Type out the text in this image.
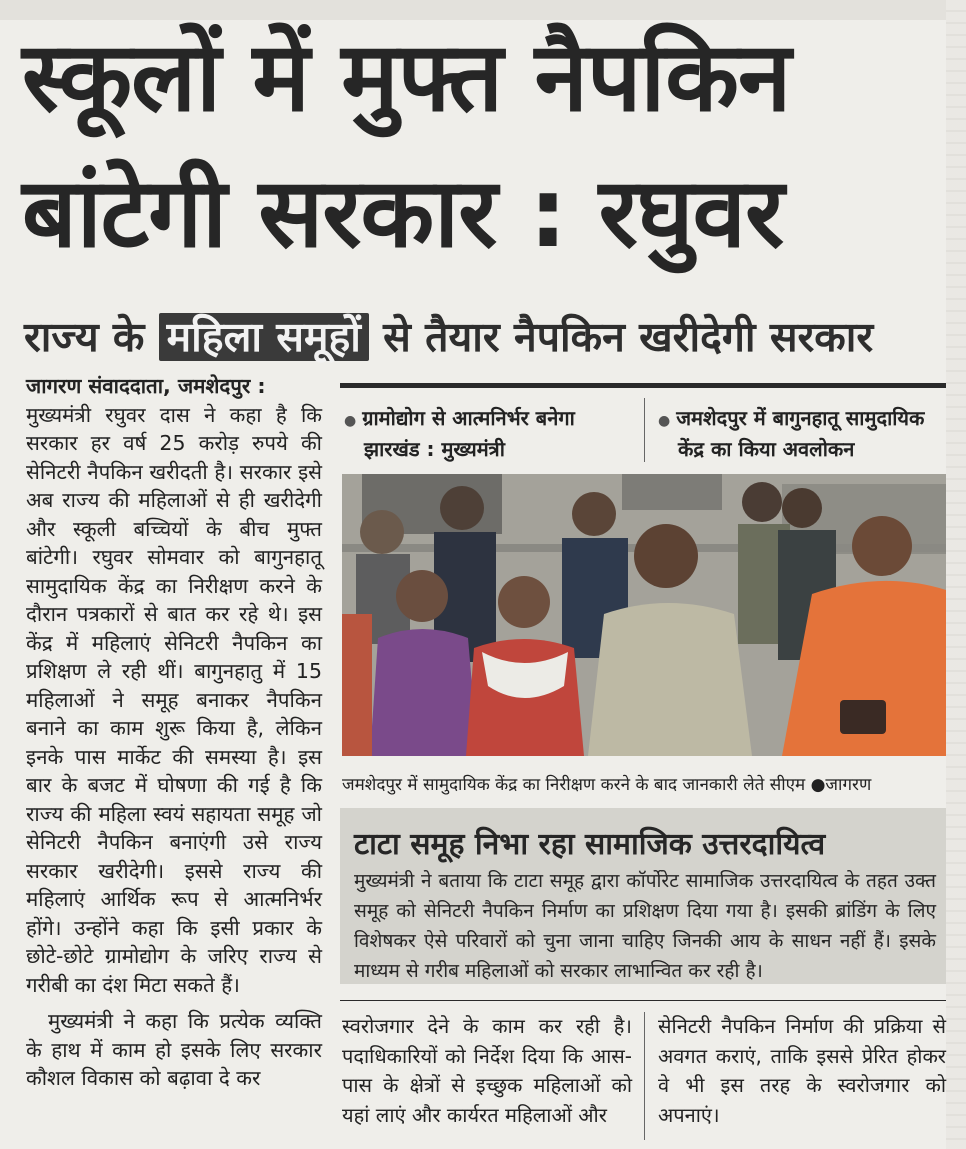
स्कूलों में मुफ्त नैपकिन
बांटेगी सरकार : रघुवर
राज्य के महिला समूहों से तैयार नैपकिन खरीदेगी सरकार

जागरण संवाददाता, जमशेदपुर :

मुख्यमंत्री रघुवर दास ने कहा है कि सरकार हर वर्ष 25 करोड़ रुपये की सेनिटरी नैपकिन खरीदती है। सरकार इसे अब राज्य की महिलाओं से ही खरीदेगी और स्कूली बच्चियों के बीच मुफ्त बांटेगी। रघुवर सोमवार को बागुनहातू सामुदायिक केंद्र का निरीक्षण करने के दौरान पत्रकारों से बात कर रहे थे। इस केंद्र में महिलाएं सेनिटरी नैपकिन का प्रशिक्षण ले रही थीं। बागुनहातु में 15 महिलाओं ने समूह बनाकर नैपकिन बनाने का काम शुरू किया है, लेकिन इनके पास मार्केट की समस्या है। इस बार के बजट में घोषणा की गई है कि राज्य की महिला स्वयं सहायता समूह जो सेनिटरी नैपकिन बनाएंगी उसे राज्य सरकार खरीदेगी। इससे राज्य की महिलाएं आर्थिक रूप से आत्मनिर्भर होंगे। उन्होंने कहा कि इसी प्रकार के छोटे-छोटे ग्रामोद्योग के जरिए राज्य से गरीबी का दंश मिटा सकते हैं।

मुख्यमंत्री ने कहा कि प्रत्येक व्यक्ति के हाथ में काम हो इसके लिए सरकार कौशल विकास को बढ़ावा दे कर

● ग्रामोद्योग से आत्मनिर्भर बनेगा
झारखंड : मुख्यमंत्री
● जमशेदपुर में बागुनहातू सामुदायिक
केंद्र का किया अवलोकन
जमशेदपुर में सामुदायिक केंद्र का निरीक्षण करने के बाद जानकारी लेते सीएम ●जागरण
टाटा समूह निभा रहा सामाजिक उत्तरदायित्व
मुख्यमंत्री ने बताया कि टाटा समूह द्वारा कॉर्पोरेट सामाजिक उत्तरदायित्व के तहत उक्त समूह को सेनिटरी नैपकिन निर्माण का प्रशिक्षण दिया गया है। इसकी ब्रांडिंग के लिए विशेषकर ऐसे परिवारों को चुना जाना चाहिए जिनकी आय के साधन नहीं हैं। इसके माध्यम से गरीब महिलाओं को सरकार लाभान्वित कर रही है।
स्वरोजगार देने के काम कर रही है। पदाधिकारियों को निर्देश दिया कि आस-पास के क्षेत्रों से इच्छुक महिलाओं को यहां लाएं और कार्यरत महिलाओं और
सेनिटरी नैपकिन निर्माण की प्रक्रिया से अवगत कराएं, ताकि इससे प्रेरित होकर वे भी इस तरह के स्वरोजगार को अपनाएं।
